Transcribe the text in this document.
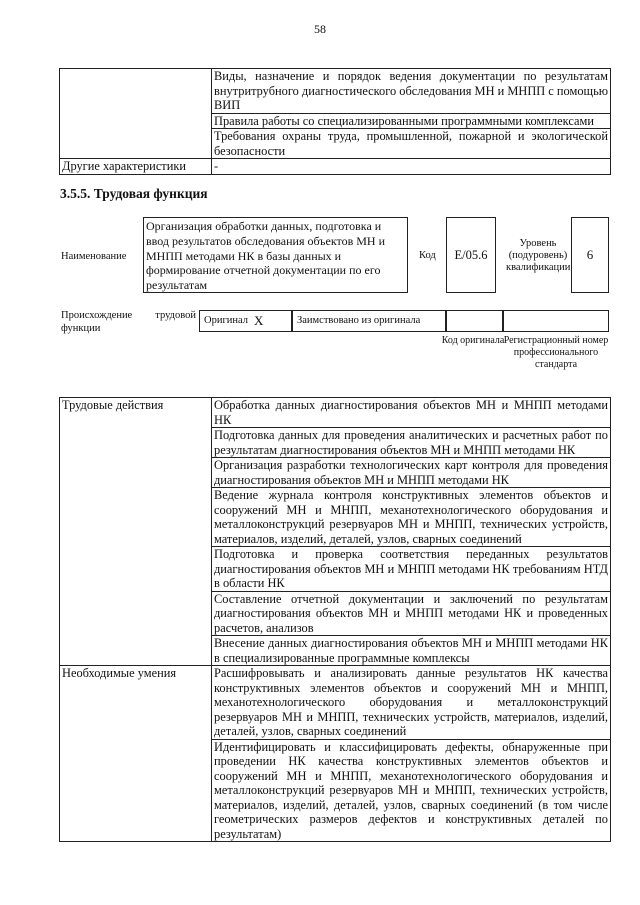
58
	Виды, назначение и порядок ведения документации по результатам внутритрубного диагностического обследования МН и МНПП с помощью ВИП
	Правила работы со специализированными программными комплексами
	Требования охраны труда, промышленной, пожарной и экологической безопасности
Другие характеристики	-
3.5.5. Трудовая функция
Наименование
Организация обработки данных, подготовка и ввод результатов обследования объектов МН и МНПП методами НК в базы данных и формирование отчетной документации по его результатам
Код	E/05.6
Уровень (подуровень) квалификации
6
Происхождение трудовой функции
Оригинал X	Заимствовано из оригинала
Код оригинала Регистрационный номер профессионального стандарта
Трудовые действия	Обработка данных диагностирования объектов МН и МНПП методами НК
	Подготовка данных для проведения аналитических и расчетных работ по результатам диагностирования объектов МН и МНПП методами НК
	Организация разработки технологических карт контроля для проведения диагностирования объектов МН и МНПП методами НК
	Ведение журнала контроля конструктивных элементов объектов и сооружений МН и МНПП, механотехнологического оборудования и металлоконструкций резервуаров МН и МНПП, технических устройств, материалов, изделий, деталей, узлов, сварных соединений
	Подготовка и проверка соответствия переданных результатов диагностирования объектов МН и МНПП методами НК требованиям НТД в области НК
	Составление отчетной документации и заключений по результатам диагностирования объектов МН и МНПП методами НК и проведенных расчетов, анализов
	Внесение данных диагностирования объектов МН и МНПП методами НК в специализированные программные комплексы
Необходимые умения	Расшифровывать и анализировать данные результатов НК качества конструктивных элементов объектов и сооружений МН и МНПП, механотехнологического оборудования и металлоконструкций резервуаров МН и МНПП, технических устройств, материалов, изделий, деталей, узлов, сварных соединений
	Идентифицировать и классифицировать дефекты, обнаруженные при проведении НК качества конструктивных элементов объектов и сооружений МН и МНПП, механотехнологического оборудования и металлоконструкций резервуаров МН и МНПП, технических устройств, материалов, изделий, деталей, узлов, сварных соединений (в том числе геометрических размеров дефектов и конструктивных деталей по результатам)
